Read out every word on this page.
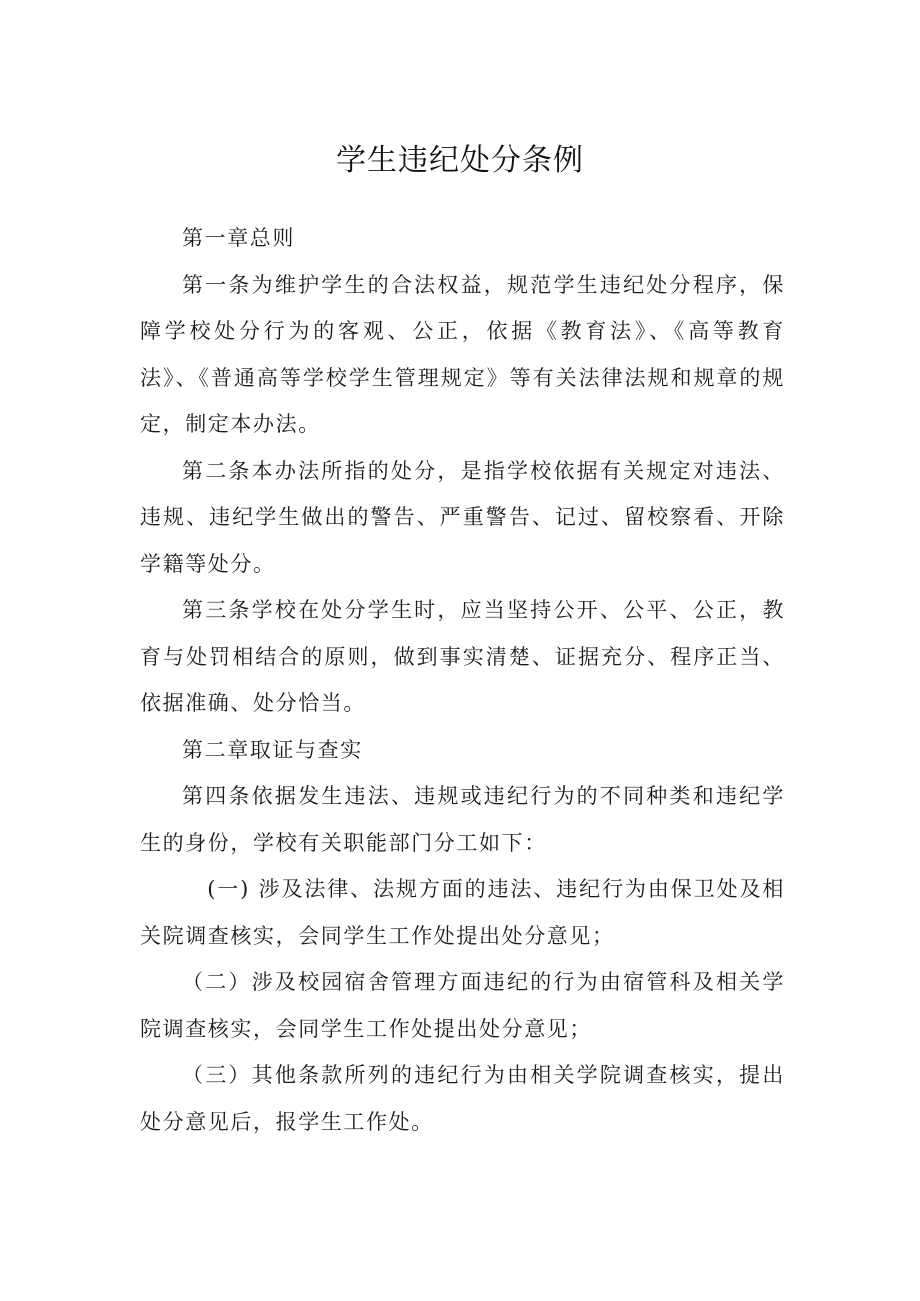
学生违纪处分条例

第一章总则

第一条为维护学生的合法权益，规范学生违纪处分程序，保障学校处分行为的客观、公正，依据《教育法》、《高等教育法》、《普通高等学校学生管理规定》等有关法律法规和规章的规定，制定本办法。

第二条本办法所指的处分，是指学校依据有关规定对违法、违规、违纪学生做出的警告、严重警告、记过、留校察看、开除学籍等处分。

第三条学校在处分学生时，应当坚持公开、公平、公正，教育与处罚相结合的原则，做到事实清楚、证据充分、程序正当、依据准确、处分恰当。

第二章取证与查实

第四条依据发生违法、违规或违纪行为的不同种类和违纪学生的身份，学校有关职能部门分工如下：

(一) 涉及法律、法规方面的违法、违纪行为由保卫处及相关院调查核实，会同学生工作处提出处分意见；

（二）涉及校园宿舍管理方面违纪的行为由宿管科及相关学院调查核实，会同学生工作处提出处分意见；

（三）其他条款所列的违纪行为由相关学院调查核实，提出处分意见后，报学生工作处。
